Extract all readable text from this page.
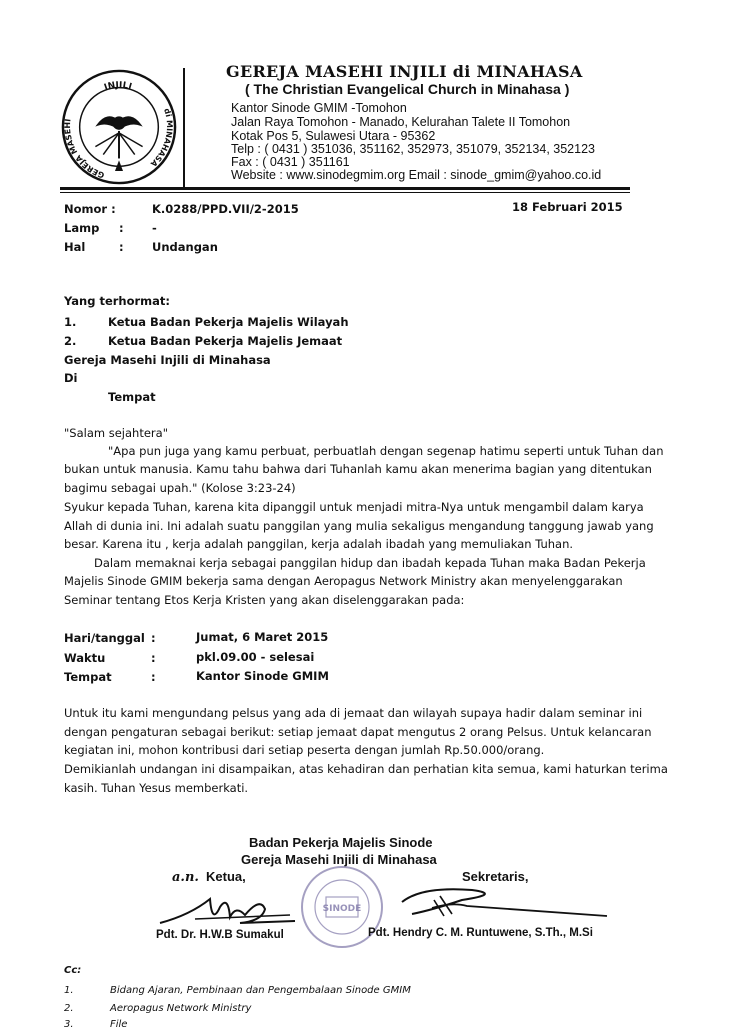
INJILI
GEREJA MASEHI
di MINAHASA
GEREJA MASEHI INJILI di MINAHASA
( The Christian Evangelical Church in Minahasa )
Kantor Sinode GMIM -Tomohon
Jalan Raya Tomohon - Manado, Kelurahan Talete II Tomohon
Kotak Pos 5, Sulawesi Utara - 95362
Telp : ( 0431 ) 351036, 351162, 352973, 351079, 352134, 352123
Fax : ( 0431 ) 351161
Website : www.sinodegmim.org Email : sinode_gmim@yahoo.co.id
Nomor :	K.0288/PPD.VII/2-2015	18 Februari 2015
Lamp : -
Hal	: Undangan
Yang terhormat:
1.	Ketua Badan Pekerja Majelis Wilayah
2.	Ketua Badan Pekerja Majelis Jemaat
Gereja Masehi Injili di Minahasa
Di
Tempat
"Salam sejahtera"
"Apa pun juga yang kamu perbuat, perbuatlah dengan segenap hatimu seperti untuk Tuhan dan
bukan untuk manusia. Kamu tahu bahwa dari Tuhanlah kamu akan menerima bagian yang ditentukan
bagimu sebagai upah." (Kolose 3:23-24)
Syukur kepada Tuhan, karena kita dipanggil untuk menjadi mitra-Nya untuk mengambil dalam karya
Allah di dunia ini. Ini adalah suatu panggilan yang mulia sekaligus mengandung tanggung jawab yang
besar. Karena itu , kerja adalah panggilan, kerja adalah ibadah yang memuliakan Tuhan.
Dalam memaknai kerja sebagai panggilan hidup dan ibadah kepada Tuhan maka Badan Pekerja
Majelis Sinode GMIM bekerja sama dengan Aeropagus Network Ministry akan menyelenggarakan
Seminar tentang Etos Kerja Kristen yang akan diselenggarakan pada:
Hari/tanggal :	Jumat, 6 Maret 2015
Waktu	:	pkl.09.00 - selesai
Tempat	:	Kantor Sinode GMIM
Untuk itu kami mengundang pelsus yang ada di jemaat dan wilayah supaya hadir dalam seminar ini
dengan pengaturan sebagai berikut: setiap jemaat dapat mengutus 2 orang Pelsus. Untuk kelancaran
kegiatan ini, mohon kontribusi dari setiap peserta dengan jumlah Rp.50.000/orang.
Demikianlah undangan ini disampaikan, atas kehadiran dan perhatian kita semua, kami haturkan terima
kasih. Tuhan Yesus memberkati.
Badan Pekerja Majelis Sinode
Gereja Masehi Injili di Minahasa
a.n. Ketua,	Sekretaris,
SINODE
Pdt. Dr. H.W.B Sumakul	Pdt. Hendry C. M. Runtuwene, S.Th., M.Si
Cc:
1.	Bidang Ajaran, Pembinaan dan Pengembalaan Sinode GMIM
2.	Aeropagus Network Ministry
3.	File
